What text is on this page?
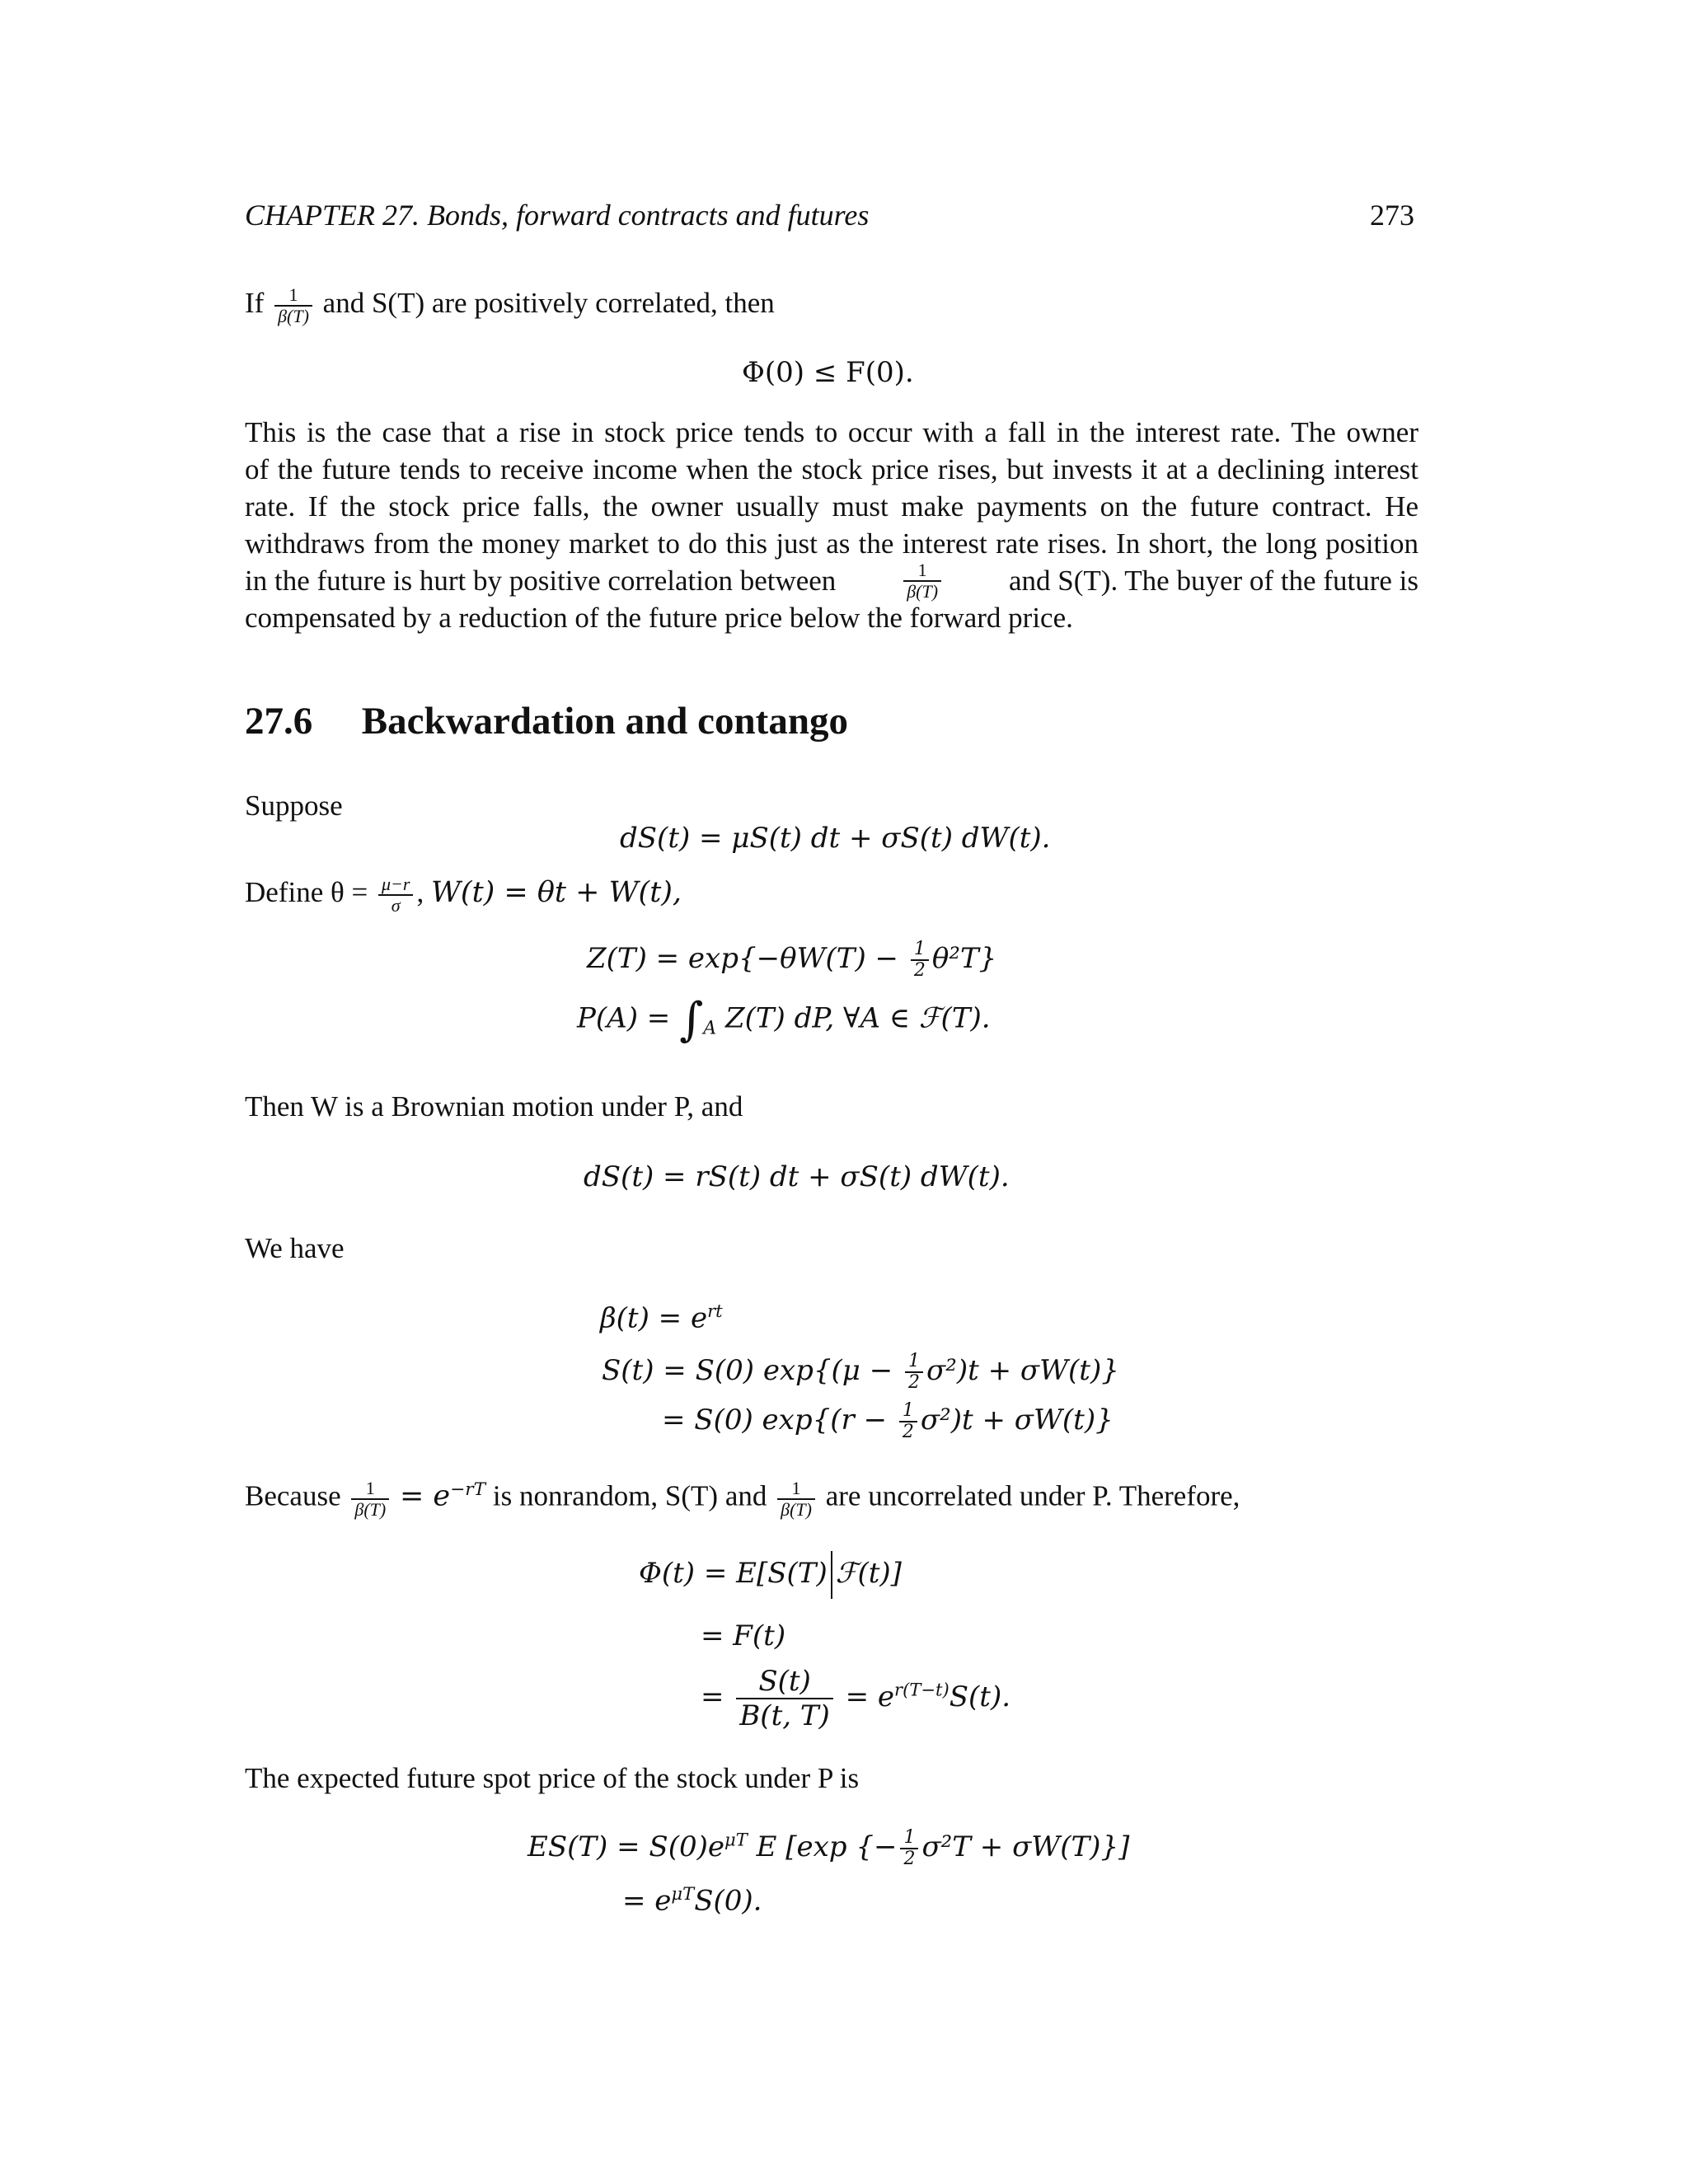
CHAPTER 27. Bonds, forward contracts and futures	273
If $\frac{1}{\beta(T)}$ and S(T) are positively correlated, then
Φ(0) ≤ F(0).
This is the case that a rise in stock price tends to occur with a fall in the interest rate. The owner
of the future tends to receive income when the stock price rises, but invests it at a declining interest
rate. If the stock price falls, the owner usually must make payments on the future contract. He
withdraws from the money market to do this just as the interest rate rises. In short, the long position
in the future is hurt by positive correlation between	$\frac{1}{\beta(T)}$ and S(T). The buyer of the future is
compensated by a reduction of the future price below the forward price.
27.6 Backwardation and contango
Suppose
dS(t) = μS(t) dt + σS(t) dW(t).
Define $\theta = \frac{\mu-r}{\sigma}$ , W(t) = θt + W(t),
$Z(T) = \exp\{-\theta W(T) - \frac{1}{2} \theta^2T\}$
$P(A) = \int_A$ Z(T) dP, ∀A ∈ ℱ(T).
Then W is a Brownian motion under P, and
dS(t) = rS(t) dt + σS(t) dW(t).
We have
$\beta(t) = e^{rt}$
S(t) = S(0) $\exp\{(\mu - \frac{1}{2} \sigma^2)t + \sigma W(t)\}$
= S(0) $\exp\{(r - \frac{1}{2} \sigma^2)t + \sigma W(t)\}$
Because $\frac{1}{\beta(T)} = e^{-rT}$ is nonrandom, S(T) and $\frac{1}{\beta(T)}$ are uncorrelated under P. Therefore,
Φ(t) = E[S(T) ℱ(t)]
= F(t)
= $\frac{S(t)}{B(t, T)} = e^{r(T-t)}S(t)$.
The expected future spot price of the stock under P is
$ES(T) = S(0)e^{\mu T}$ E [exp {− $\frac{1}{2} \sigma^2T + \sigma W(T)$}]
= $e^{\mu T}S(0)$.
